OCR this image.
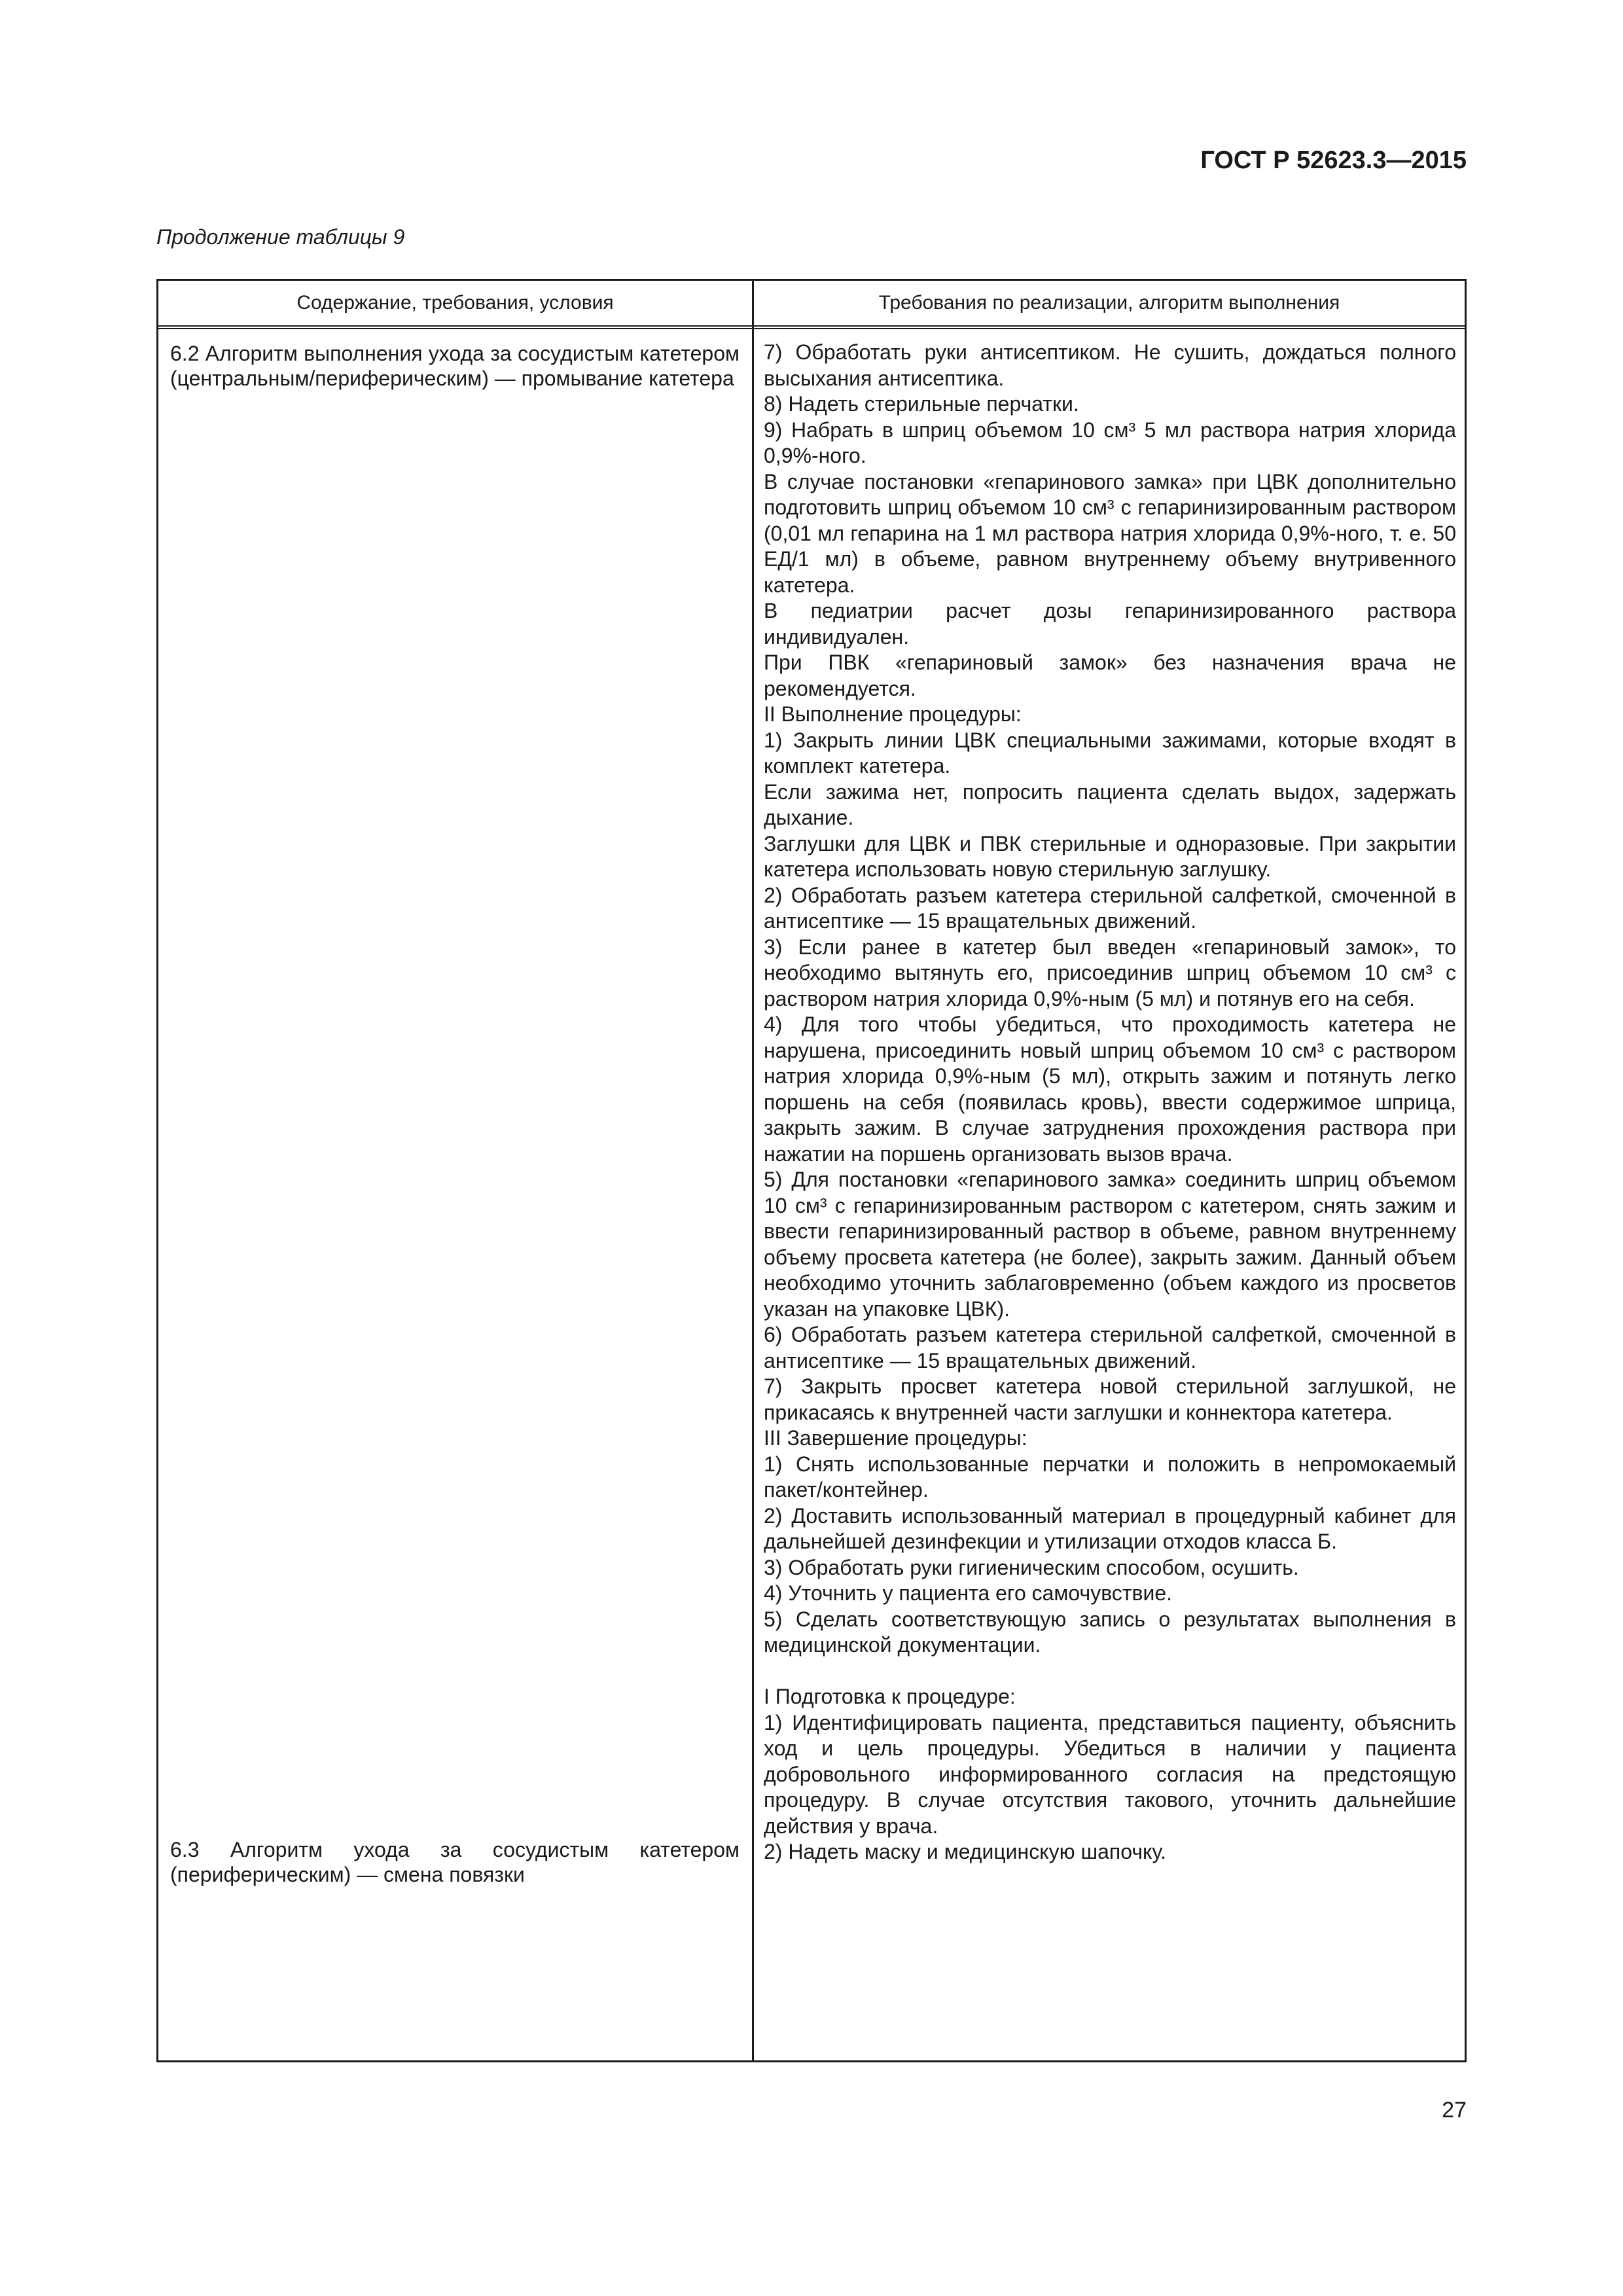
ГОСТ Р 52623.3—2015
Продолжение таблицы 9
Содержание, требования, условия	Требования по реализации, алгоритм выполнения
6.2 Алгоритм выполнения ухода за сосудистым катетером (центральным/периферическим) — промывание катетера
6.3 Алгоритм ухода за сосудистым катетером (периферическим) — смена повязки

7) Обработать руки антисептиком. Не сушить, дождаться полного высыхания антисептика.

8) Надеть стерильные перчатки.

9) Набрать в шприц объемом 10 см³ 5 мл раствора натрия хлорида 0,9%-ного.

В случае постановки «гепаринового замка» при ЦВК дополнительно подготовить шприц объемом 10 см³ с гепаринизированным раствором (0,01 мл гепарина на 1 мл раствора натрия хлорида 0,9%-ного, т. е. 50 ЕД/1 мл) в объеме, равном внутреннему объему внутривенного катетера.

В педиатрии расчет дозы гепаринизированного раствора индивидуален.

При ПВК «гепариновый замок» без назначения врача не рекомендуется.

II Выполнение процедуры:

1) Закрыть линии ЦВК специальными зажимами, которые входят в комплект катетера.

Если зажима нет, попросить пациента сделать выдох, задержать дыхание.

Заглушки для ЦВК и ПВК стерильные и одноразовые. При закрытии катетера использовать новую стерильную заглушку.

2) Обработать разъем катетера стерильной салфеткой, смоченной в антисептике — 15 вращательных движений.

3) Если ранее в катетер был введен «гепариновый замок», то необходимо вытянуть его, присоединив шприц объемом 10 см³ с раствором натрия хлорида 0,9%-ным (5 мл) и потянув его на себя.

4) Для того чтобы убедиться, что проходимость катетера не нарушена, присоединить новый шприц объемом 10 см³ с раствором натрия хлорида 0,9%-ным (5 мл), открыть зажим и потянуть легко поршень на себя (появилась кровь), ввести содержимое шприца, закрыть зажим. В случае затруднения прохождения раствора при нажатии на поршень организовать вызов врача.

5) Для постановки «гепаринового замка» соединить шприц объемом 10 см³ с гепаринизированным раствором с катетером, снять зажим и ввести гепаринизированный раствор в объеме, равном внутреннему объему просвета катетера (не более), закрыть зажим. Данный объем необходимо уточнить заблаговременно (объем каждого из просветов указан на упаковке ЦВК).

6) Обработать разъем катетера стерильной салфеткой, смоченной в антисептике — 15 вращательных движений.

7) Закрыть просвет катетера новой стерильной заглушкой, не прикасаясь к внутренней части заглушки и коннектора катетера.

III Завершение процедуры:

1) Снять использованные перчатки и положить в непромокаемый пакет/контейнер.

2) Доставить использованный материал в процедурный кабинет для дальнейшей дезинфекции и утилизации отходов класса Б.

3) Обработать руки гигиеническим способом, осушить.

4) Уточнить у пациента его самочувствие.

5) Сделать соответствующую запись о результатах выполнения в медицинской документации.

I Подготовка к процедуре:

1) Идентифицировать пациента, представиться пациенту, объяснить ход и цель процедуры. Убедиться в наличии у пациента добровольного информированного согласия на предстоящую процедуру. В случае отсутствия такового, уточнить дальнейшие действия у врача.

2) Надеть маску и медицинскую шапочку.

27
